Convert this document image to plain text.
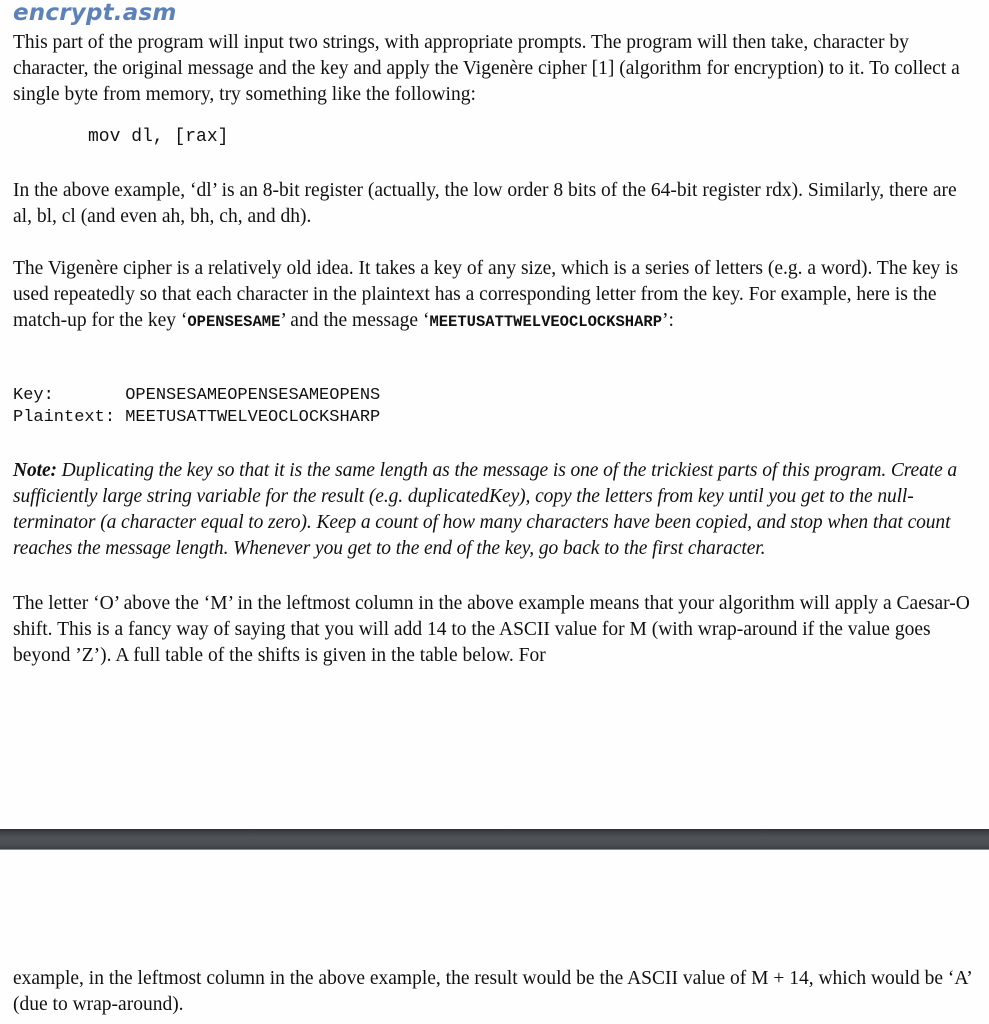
encrypt.asm

This part of the program will input two strings, with appropriate prompts. The program will then take, character by character, the original message and the key and apply the Vigenère cipher [1] (algorithm for encryption) to it. To collect a single byte from memory, try something like the following:

mov dl, [rax]

In the above example, ‘dl’ is an 8-bit register (actually, the low order 8 bits of the 64-bit register rdx). Similarly, there are al, bl, cl (and even ah, bh, ch, and dh).

The Vigenère cipher is a relatively old idea. It takes a key of any size, which is a series of letters (e.g. a word). The key is used repeatedly so that each character in the plaintext has a corresponding letter from the key. For example, here is the match-up for the key ‘OPENSESAME’ and the message ‘MEETUSATTWELVEOCLOCKSHARP’:

Key:       OPENSESAMEOPENSESAMEOPENS
Plaintext: MEETUSATTWELVEOCLOCKSHARP

Note: Duplicating the key so that it is the same length as the message is one of the trickiest parts of this program. Create a sufficiently large string variable for the result (e.g. duplicatedKey), copy the letters from key until you get to the null-terminator (a character equal to zero). Keep a count of how many characters have been copied, and stop when that count reaches the message length. Whenever you get to the end of the key, go back to the first character.

The letter ‘O’ above the ‘M’ in the leftmost column in the above example means that your algorithm will apply a Caesar-O shift. This is a fancy way of saying that you will add 14 to the ASCII value for M (with wrap-around if the value goes beyond ’Z’). A full table of the shifts is given in the table below. For

example, in the leftmost column in the above example, the result would be the ASCII value of M + 14, which would be ‘A’ (due to wrap-around).
